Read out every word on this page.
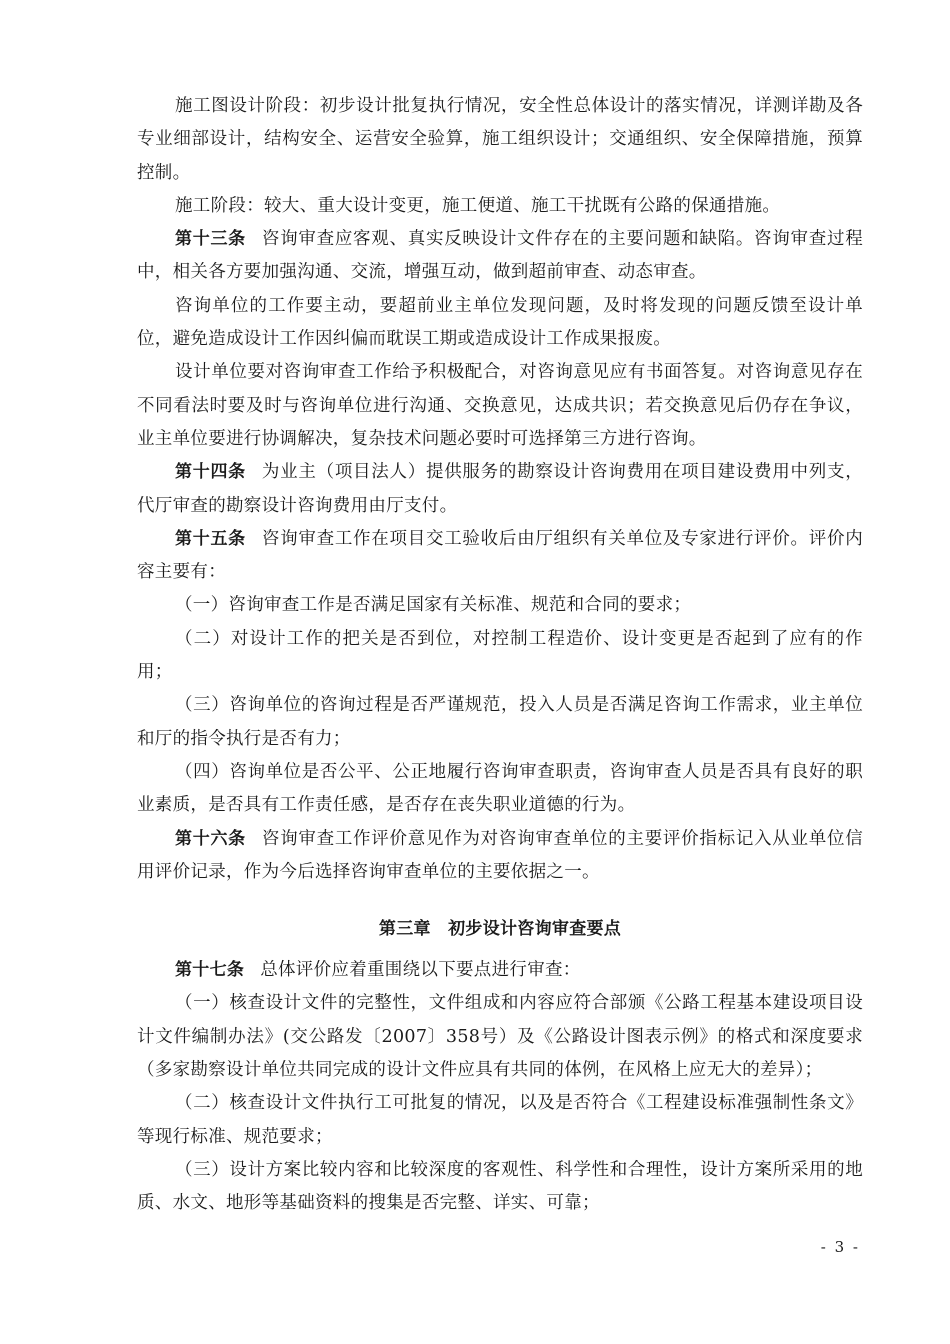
施工图设计阶段：初步设计批复执行情况，安全性总体设计的落实情况，详测详勘及各专业细部设计，结构安全、运营安全验算，施工组织设计；交通组织、安全保障措施，预算控制。

施工阶段：较大、重大设计变更，施工便道、施工干扰既有公路的保通措施。

第十三条 咨询审查应客观、真实反映设计文件存在的主要问题和缺陷。咨询审查过程中，相关各方要加强沟通、交流，增强互动，做到超前审查、动态审查。

咨询单位的工作要主动，要超前业主单位发现问题，及时将发现的问题反馈至设计单位，避免造成设计工作因纠偏而耽误工期或造成设计工作成果报废。

设计单位要对咨询审查工作给予积极配合，对咨询意见应有书面答复。对咨询意见存在不同看法时要及时与咨询单位进行沟通、交换意见，达成共识；若交换意见后仍存在争议，业主单位要进行协调解决，复杂技术问题必要时可选择第三方进行咨询。

第十四条 为业主（项目法人）提供服务的勘察设计咨询费用在项目建设费用中列支，代厅审查的勘察设计咨询费用由厅支付。

第十五条 咨询审查工作在项目交工验收后由厅组织有关单位及专家进行评价。评价内容主要有：

（一）咨询审查工作是否满足国家有关标准、规范和合同的要求；

（二）对设计工作的把关是否到位，对控制工程造价、设计变更是否起到了应有的作用；

（三）咨询单位的咨询过程是否严谨规范，投入人员是否满足咨询工作需求，业主单位和厅的指令执行是否有力；

（四）咨询单位是否公平、公正地履行咨询审查职责，咨询审查人员是否具有良好的职业素质，是否具有工作责任感，是否存在丧失职业道德的行为。

第十六条 咨询审查工作评价意见作为对咨询审查单位的主要评价指标记入从业单位信用评价记录，作为今后选择咨询审查单位的主要依据之一。

第三章　初步设计咨询审查要点

第十七条 总体评价应着重围绕以下要点进行审查：

（一）核查设计文件的完整性，文件组成和内容应符合部颁《公路工程基本建设项目设计文件编制办法》(交公路发〔2007〕358号）及《公路设计图表示例》的格式和深度要求（多家勘察设计单位共同完成的设计文件应具有共同的体例，在风格上应无大的差异）；

（二）核查设计文件执行工可批复的情况，以及是否符合《工程建设标准强制性条文》等现行标准、规范要求；

（三）设计方案比较内容和比较深度的客观性、科学性和合理性，设计方案所采用的地质、水文、地形等基础资料的搜集是否完整、详实、可靠；

- 3 -
